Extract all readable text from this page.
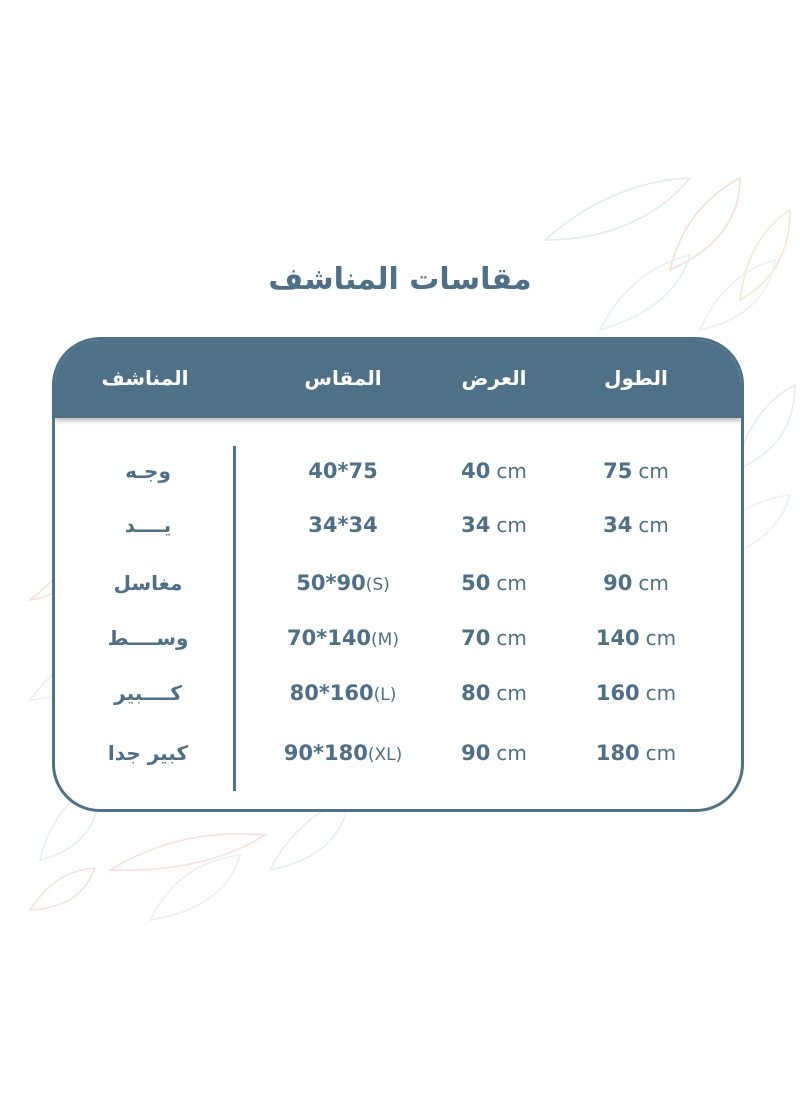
مقاسات المناشف
الطول
العرض
المقاس
المناشف
75 cm
40 cm
40*75
وجـه
34 cm
34 cm
34*34
يــــد
90 cm
50 cm
50*90(S)
مغاسل
140 cm
70 cm
70*140(M)
وســــط
160 cm
80 cm
80*160(L)
كــــبير
180 cm
90 cm
90*180(XL)
كبير جدا
